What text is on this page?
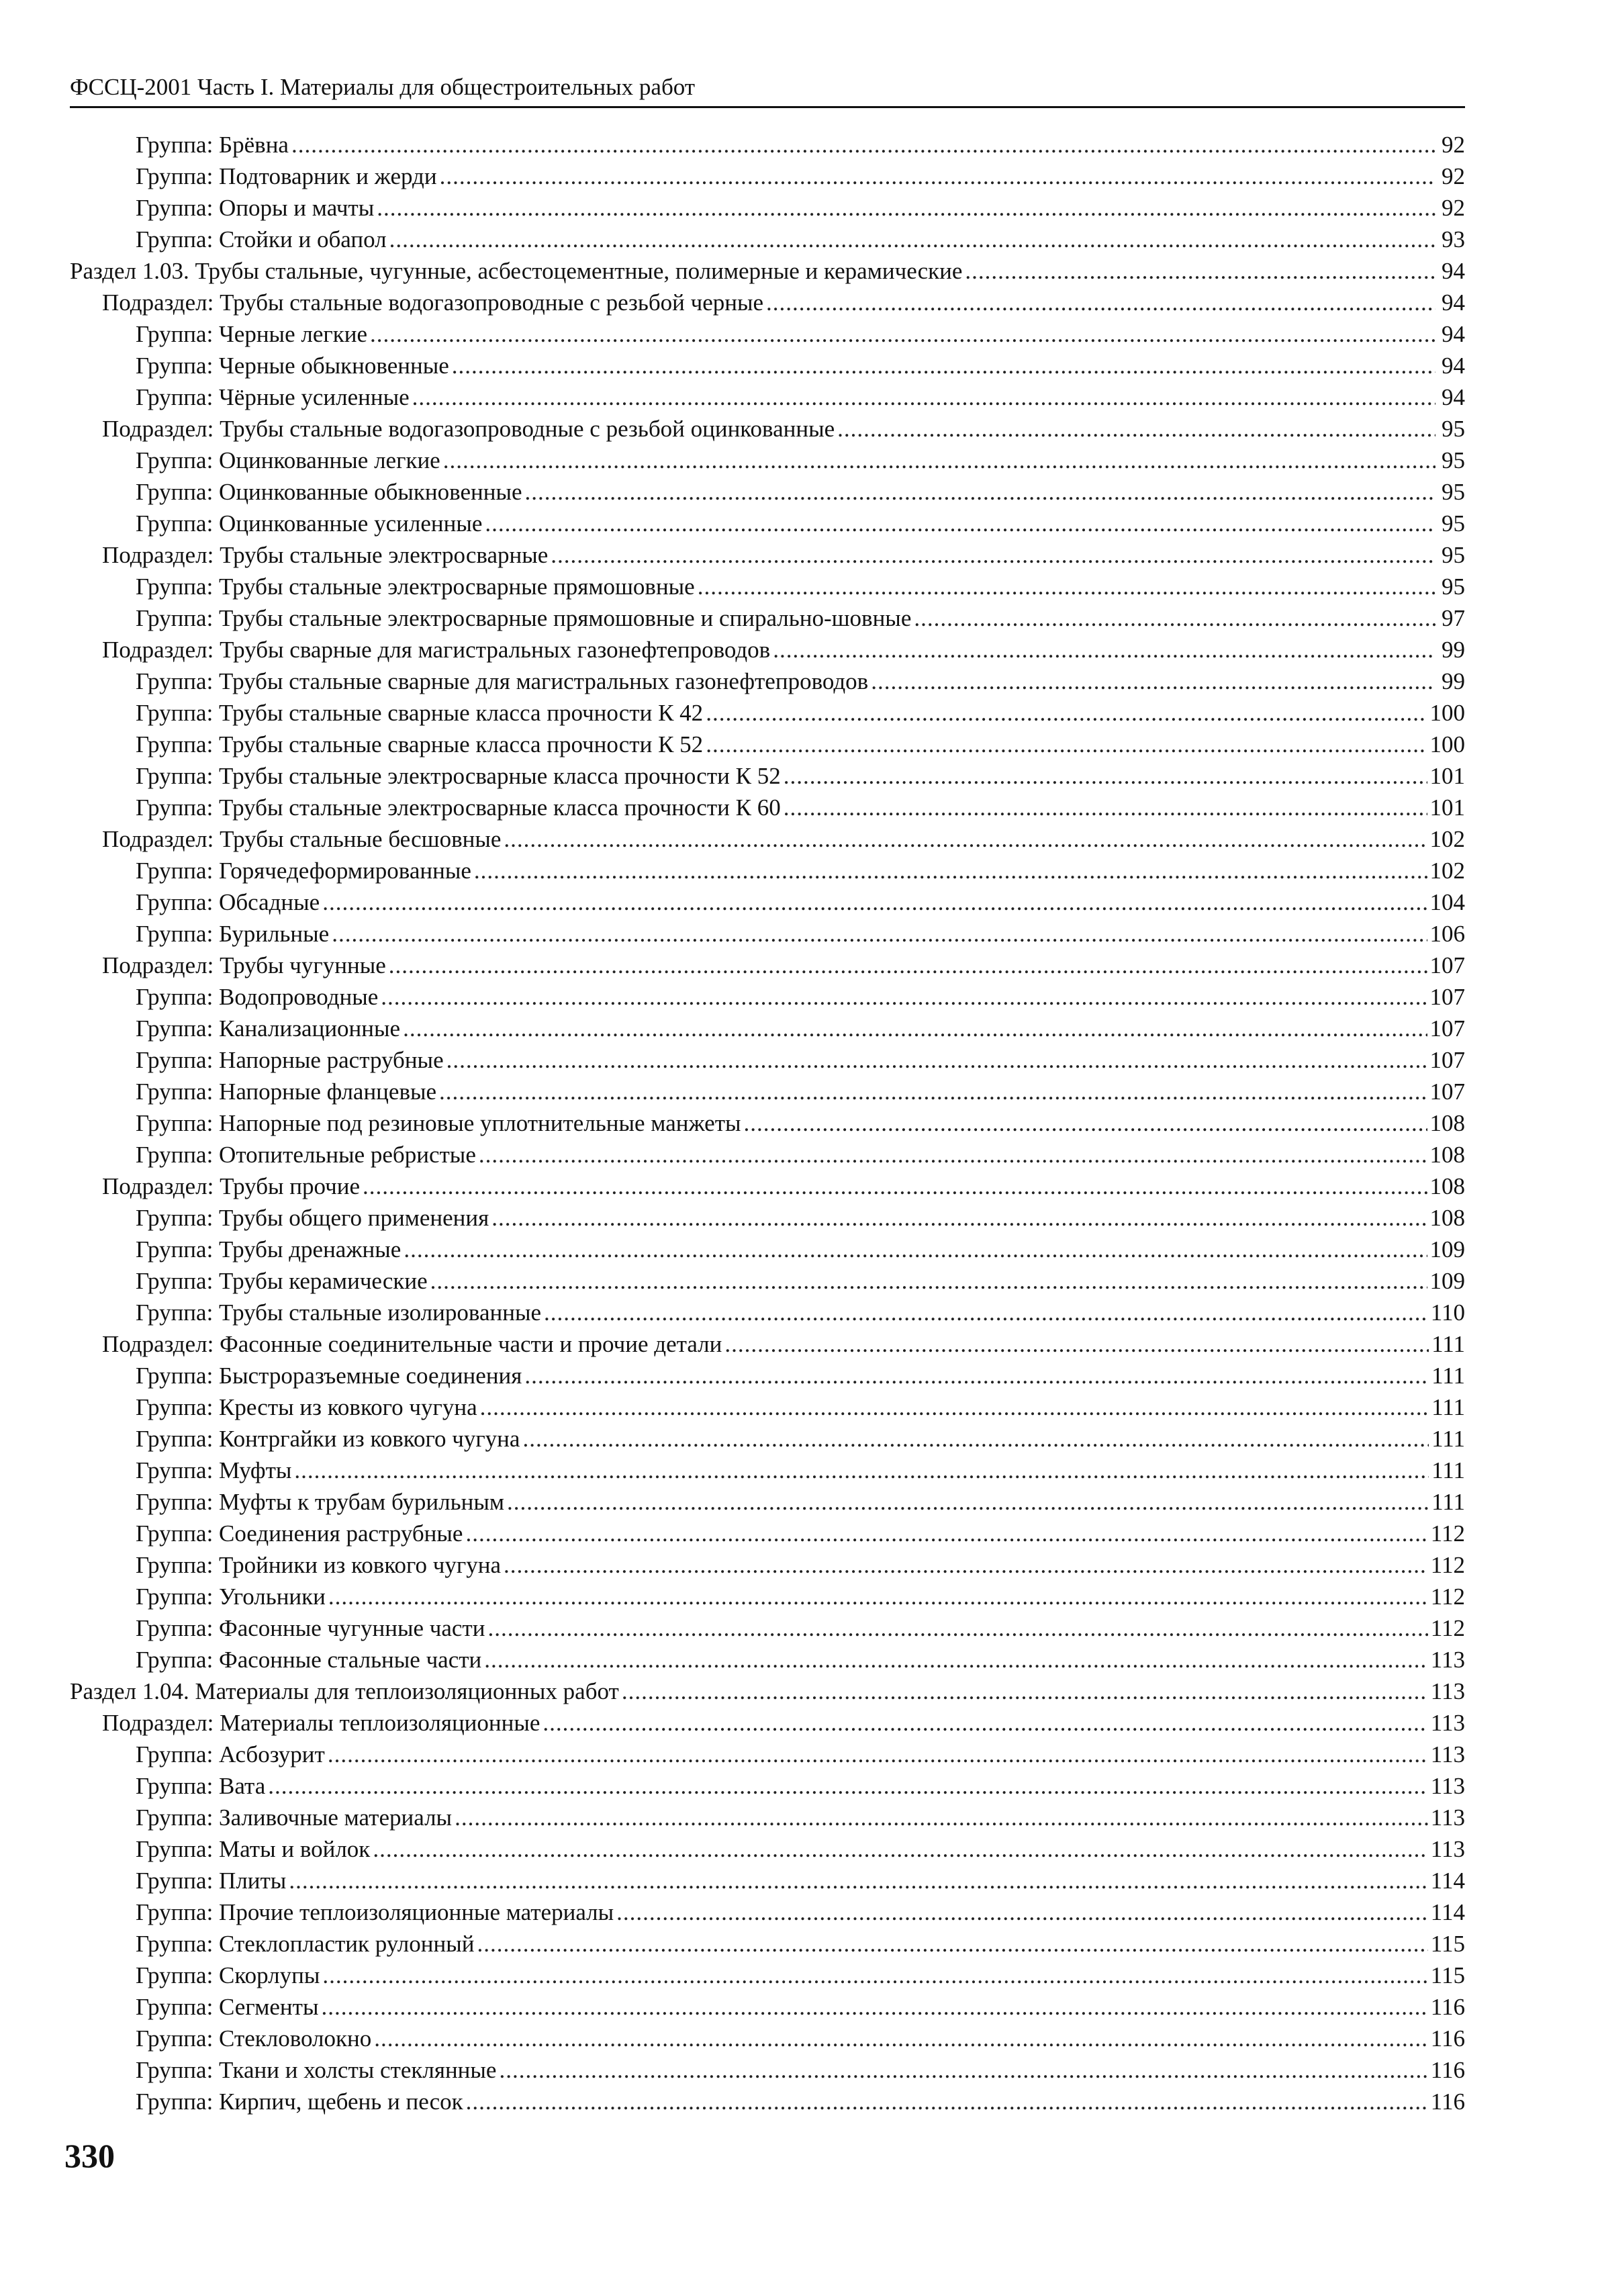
ФССЦ-2001 Часть I. Материалы для общестроительных работ
Группа: Брёвна .....	92
Группа: Подтоварник и жерди .....	92
Группа: Опоры и мачты .....	92
Группа: Стойки и обапол .....	93
Раздел 1.03. Трубы стальные, чугунные, асбестоцементные, полимерные и керамические .....	94
Подраздел: Трубы стальные водогазопроводные с резьбой черные .....	94
Группа: Черные легкие .....	94
Группа: Черные обыкновенные .....	94
Группа: Чёрные усиленные .....	94
Подраздел: Трубы стальные водогазопроводные с резьбой оцинкованные .....	95
Группа: Оцинкованные легкие .....	95
Группа: Оцинкованные обыкновенные .....	95
Группа: Оцинкованные усиленные .....	95
Подраздел: Трубы стальные электросварные .....	95
Группа: Трубы стальные электросварные прямошовные .....	95
Группа: Трубы стальные электросварные прямошовные и спирально-шовные .....	97
Подраздел: Трубы сварные для магистральных газонефтепроводов .....	99
Группа: Трубы стальные сварные для магистральных газонефтепроводов .....	99
Группа: Трубы стальные сварные класса прочности К 42 .....	100
Группа: Трубы стальные сварные класса прочности К 52 .....	100
Группа: Трубы стальные электросварные класса прочности К 52 .....	101
Группа: Трубы стальные электросварные класса прочности К 60 .....	101
Подраздел: Трубы стальные бесшовные .....	102
Группа: Горячедеформированные .....	102
Группа: Обсадные .....	104
Группа: Бурильные .....	106
Подраздел: Трубы чугунные .....	107
Группа: Водопроводные .....	107
Группа: Канализационные .....	107
Группа: Напорные раструбные .....	107
Группа: Напорные фланцевые .....	107
Группа: Напорные под резиновые уплотнительные манжеты .....	108
Группа: Отопительные ребристые .....	108
Подраздел: Трубы прочие .....	108
Группа: Трубы общего применения .....	108
Группа: Трубы дренажные .....	109
Группа: Трубы керамические .....	109
Группа: Трубы стальные изолированные .....	110
Подраздел: Фасонные соединительные части и прочие детали .....	111
Группа: Быстроразъемные соединения .....	111
Группа: Кресты из ковкого чугуна .....	111
Группа: Контргайки из ковкого чугуна .....	111
Группа: Муфты .....	111
Группа: Муфты к трубам бурильным .....	111
Группа: Соединения раструбные .....	112
Группа: Тройники из ковкого чугуна .....	112
Группа: Угольники .....	112
Группа: Фасонные чугунные части .....	112
Группа: Фасонные стальные части .....	113
Раздел 1.04. Материалы для теплоизоляционных работ .....	113
Подраздел: Материалы теплоизоляционные .....	113
Группа: Асбозурит .....	113
Группа: Вата .....	113
Группа: Заливочные материалы .....	113
Группа: Маты и войлок .....	113
Группа: Плиты .....	114
Группа: Прочие теплоизоляционные материалы .....	114
Группа: Стеклопластик рулонный .....	115
Группа: Скорлупы .....	115
Группа: Сегменты .....	116
Группа: Стекловолокно .....	116
Группа: Ткани и холсты стеклянные .....	116
Группа: Кирпич, щебень и песок .....	116
330
